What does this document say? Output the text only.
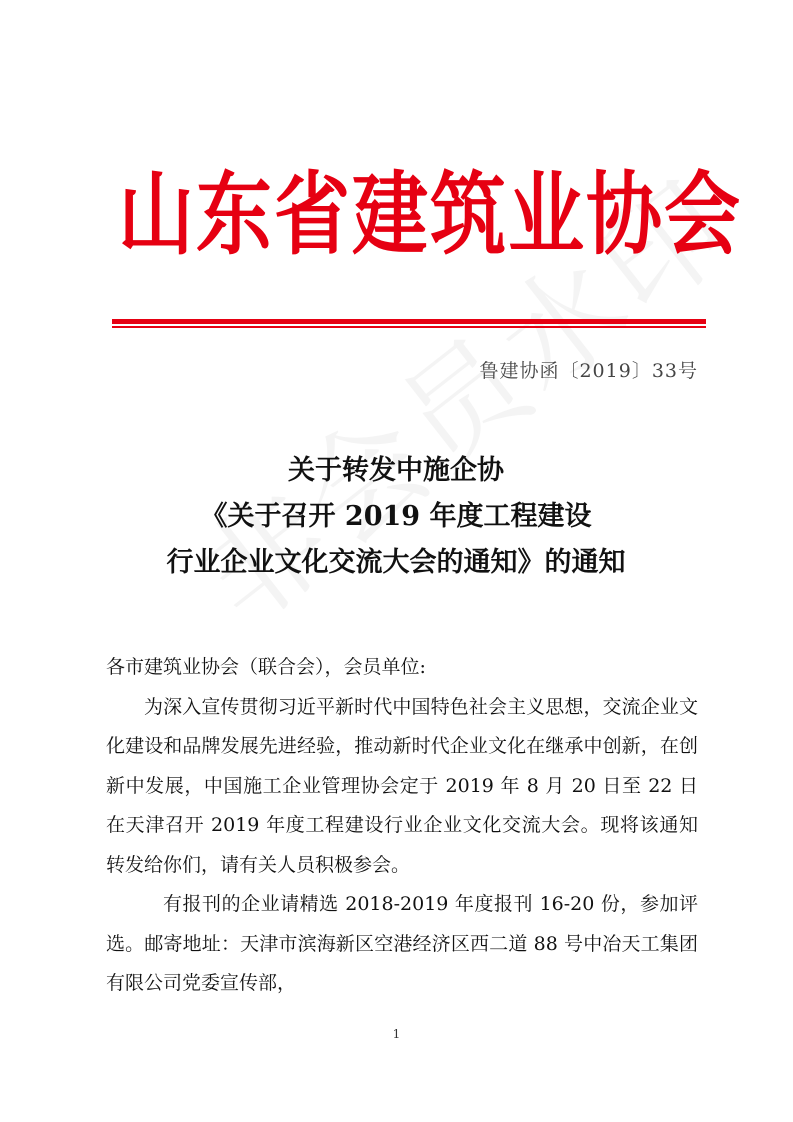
山东省建筑业协会
鲁建协函〔2019〕33号
关于转发中施企协
《关于召开 2019 年度工程建设
行业企业文化交流大会的通知》的通知

各市建筑业协会（联合会），会员单位:

为深入宣传贯彻习近平新时代中国特色社会主义思想，交流企业文化建设和品牌发展先进经验，推动新时代企业文化在继承中创新，在创新中发展，中国施工企业管理协会定于 2019 年 8 月 20 日至 22 日在天津召开 2019 年度工程建设行业企业文化交流大会。现将该通知转发给你们，请有关人员积极参会。

有报刊的企业请精选 2018-2019 年度报刊 16-20 份，参加评选。邮寄地址：天津市滨海新区空港经济区西二道 88 号中冶天工集团有限公司党委宣传部，

1
